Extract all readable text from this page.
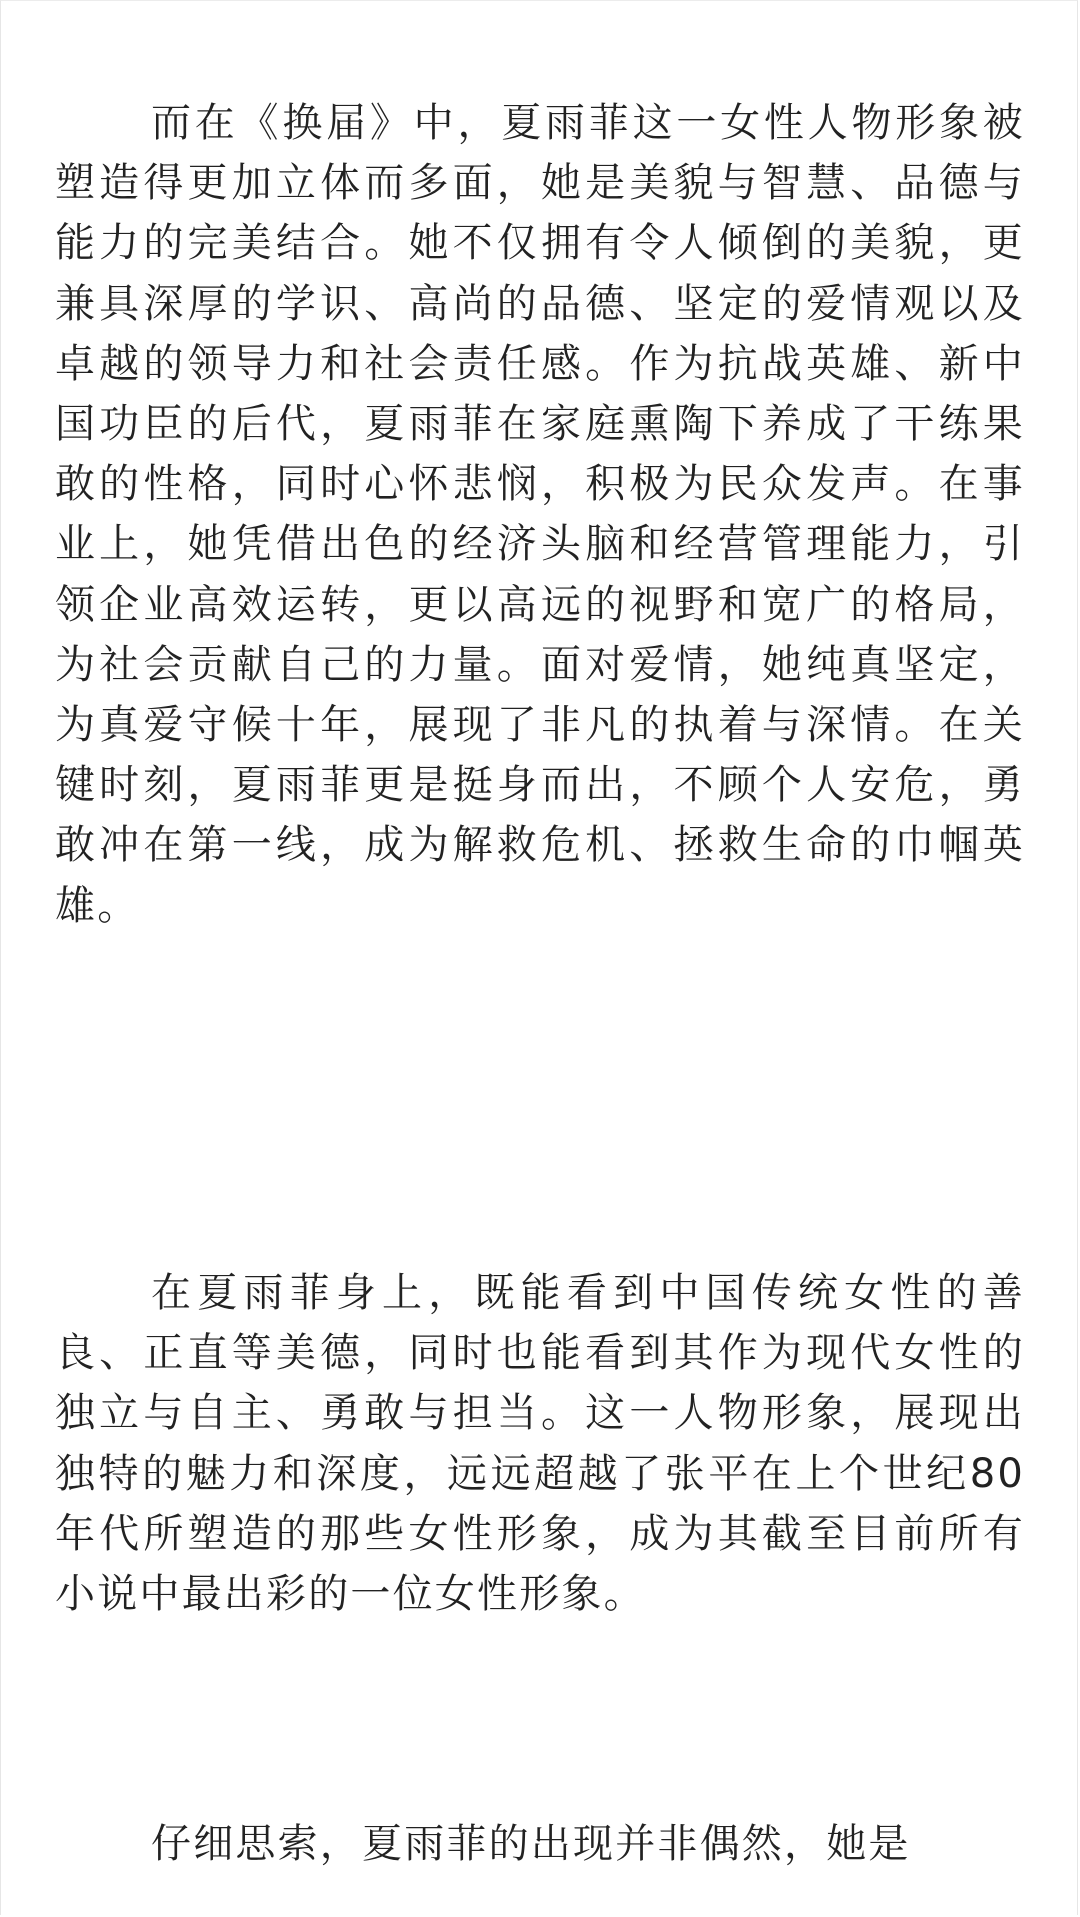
而在《换届》中，夏雨菲这一女性人物形象被塑造得更加立体而多面，她是美貌与智慧、品德与能力的完美结合。她不仅拥有令人倾倒的美貌，更兼具深厚的学识、高尚的品德、坚定的爱情观以及卓越的领导力和社会责任感。作为抗战英雄、新中国功臣的后代，夏雨菲在家庭熏陶下养成了干练果敢的性格，同时心怀悲悯，积极为民众发声。在事业上，她凭借出色的经济头脑和经营管理能力，引领企业高效运转，更以高远的视野和宽广的格局，为社会贡献自己的力量。面对爱情，她纯真坚定，为真爱守候十年，展现了非凡的执着与深情。在关键时刻，夏雨菲更是挺身而出，不顾个人安危，勇敢冲在第一线，成为解救危机、拯救生命的巾帼英雄。

在夏雨菲身上，既能看到中国传统女性的善良、正直等美德，同时也能看到其作为现代女性的独立与自主、勇敢与担当。这一人物形象，展现出独特的魅力和深度，远远超越了张平在上个世纪80年代所塑造的那些女性形象，成为其截至目前所有小说中最出彩的一位女性形象。

仔细思索，夏雨菲的出现并非偶然，她是
